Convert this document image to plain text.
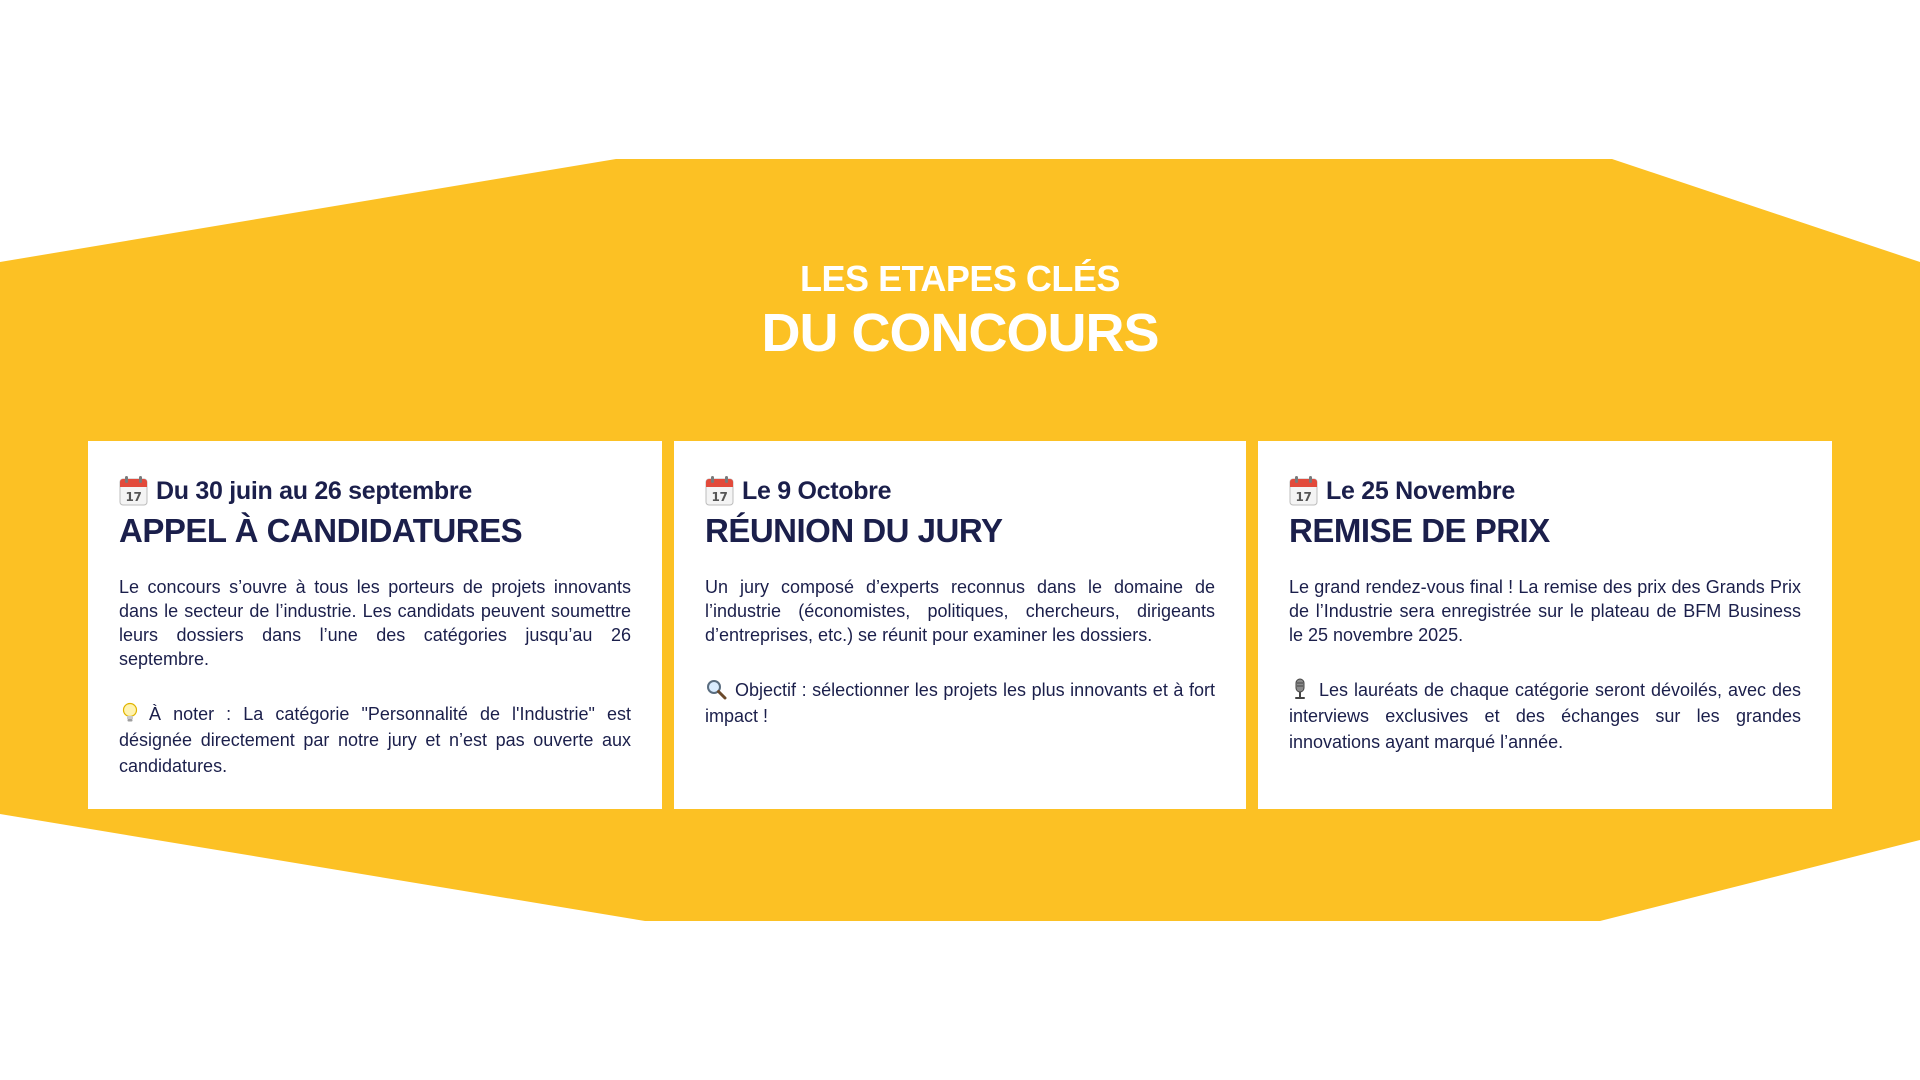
LES ETAPES CLÉS
DU CONCOURS
17 Du 30 juin au 26 septembre
APPEL À CANDIDATURES
Le concours s’ouvre à tous les porteurs de projets innovants dans le secteur de l’industrie. Les candidats peuvent soumettre leurs dossiers dans l’une des catégories jusqu’au 26 septembre.
À noter : La catégorie "Personnalité de l'Industrie" est désignée directement par notre jury et n’est pas ouverte aux candidatures.
17 Le 9 Octobre
RÉUNION DU JURY
Un jury composé d’experts reconnus dans le domaine de l’industrie (économistes, politiques, chercheurs, dirigeants d’entreprises, etc.) se réunit pour examiner les dossiers.
Objectif : sélectionner les projets les plus innovants et à fort impact !
17 Le 25 Novembre
REMISE DE PRIX
Le grand rendez-vous final ! La remise des prix des Grands Prix de l’Industrie sera enregistrée sur le plateau de BFM Business le 25 novembre 2025.
Les lauréats de chaque catégorie seront dévoilés, avec des interviews exclusives et des échanges sur les grandes innovations ayant marqué l’année.
